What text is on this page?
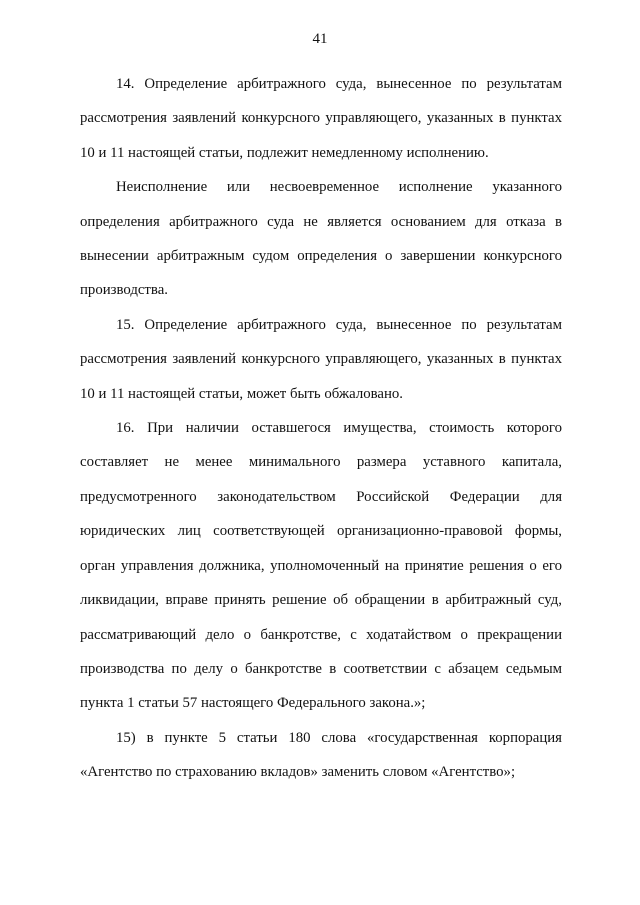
41
14. Определение арбитражного суда, вынесенное по результатам
рассмотрения заявлений конкурсного управляющего, указанных в пунктах
10 и 11 настоящей статьи, подлежит немедленному исполнению.
Неисполнение или несвоевременное исполнение указанного
определения арбитражного суда не является основанием для отказа в
вынесении арбитражным судом определения о завершении конкурсного
производства.
15. Определение арбитражного суда, вынесенное по результатам
рассмотрения заявлений конкурсного управляющего, указанных в пунктах
10 и 11 настоящей статьи, может быть обжаловано.
16. При наличии оставшегося имущества, стоимость которого
составляет не менее минимального размера уставного капитала,
предусмотренного законодательством Российской Федерации для
юридических лиц соответствующей организационно-правовой формы,
орган управления должника, уполномоченный на принятие решения о его
ликвидации, вправе принять решение об обращении в арбитражный суд,
рассматривающий дело о банкротстве, с ходатайством о прекращении
производства по делу о банкротстве в соответствии с абзацем седьмым
пункта 1 статьи 57 настоящего Федерального закона.»;
15) в пункте 5 статьи 180 слова «государственная корпорация
«Агентство по страхованию вкладов» заменить словом «Агентство»;
